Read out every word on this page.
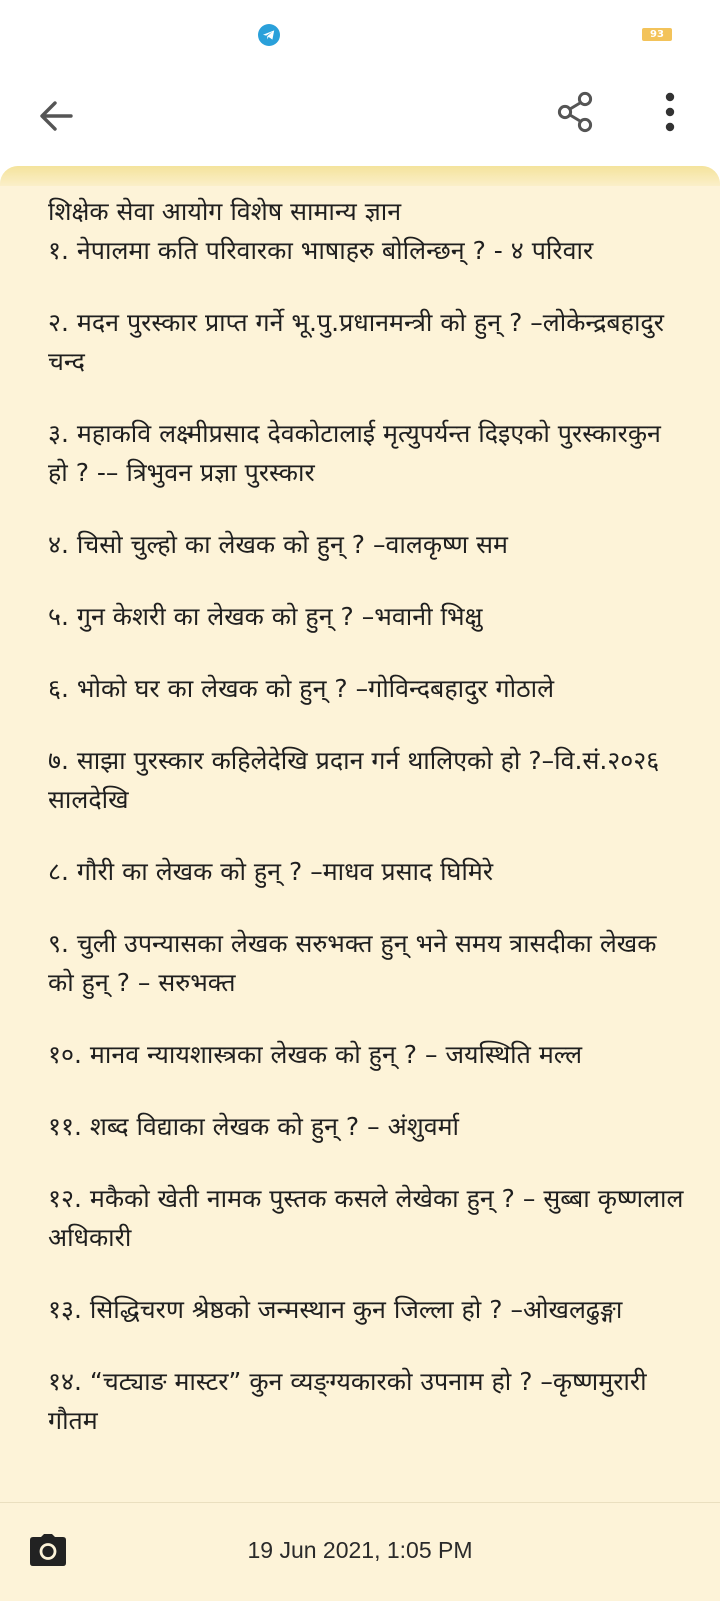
93

शिक्षेक सेवा आयोग विशेष सामान्य ज्ञान

१. नेपालमा कति परिवारका भाषाहरु बोलिन्छन् ? - ४ परिवार

२. मदन पुरस्कार प्राप्त गर्ने भू.पु.प्रधानमन्त्री को हुन् ? –लोकेन्द्रबहादुर चन्द

३. महाकवि लक्ष्मीप्रसाद देवकोटालाई मृत्युपर्यन्त दिइएको पुरस्कारकुन हो ? -– त्रिभुवन प्रज्ञा पुरस्कार

४. चिसो चुल्हो का लेखक को हुन् ? –वालकृष्ण सम

५. गुन केशरी का लेखक को हुन् ? –भवानी भिक्षु

६. भोको घर का लेखक को हुन् ? –गोविन्दबहादुर गोठाले

७. साझा पुरस्कार कहिलेदेखि प्रदान गर्न थालिएको हो ?–वि.सं.२०२६ सालदेखि

८. गौरी का लेखक को हुन् ? –माधव प्रसाद घिमिरे

९. चुली उपन्यासका लेखक सरुभक्त हुन् भने समय त्रासदीका लेखक को हुन् ? – सरुभक्त

१०. मानव न्यायशास्त्रका लेखक को हुन् ? – जयस्थिति मल्ल

११. शब्द विद्याका लेखक को हुन् ? – अंशुवर्मा

१२. मकैको खेती नामक पुस्तक कसले लेखेका हुन् ? – सुब्बा कृष्णलाल अधिकारी

१३. सिद्धिचरण श्रेष्ठको जन्मस्थान कुन जिल्ला हो ? –ओखलढुङ्गा

१४. “चट्याङ मास्टर” कुन व्यङ्ग्यकारको उपनाम हो ? –कृष्णमुरारी गौतम

19 Jun 2021, 1:05 PM
